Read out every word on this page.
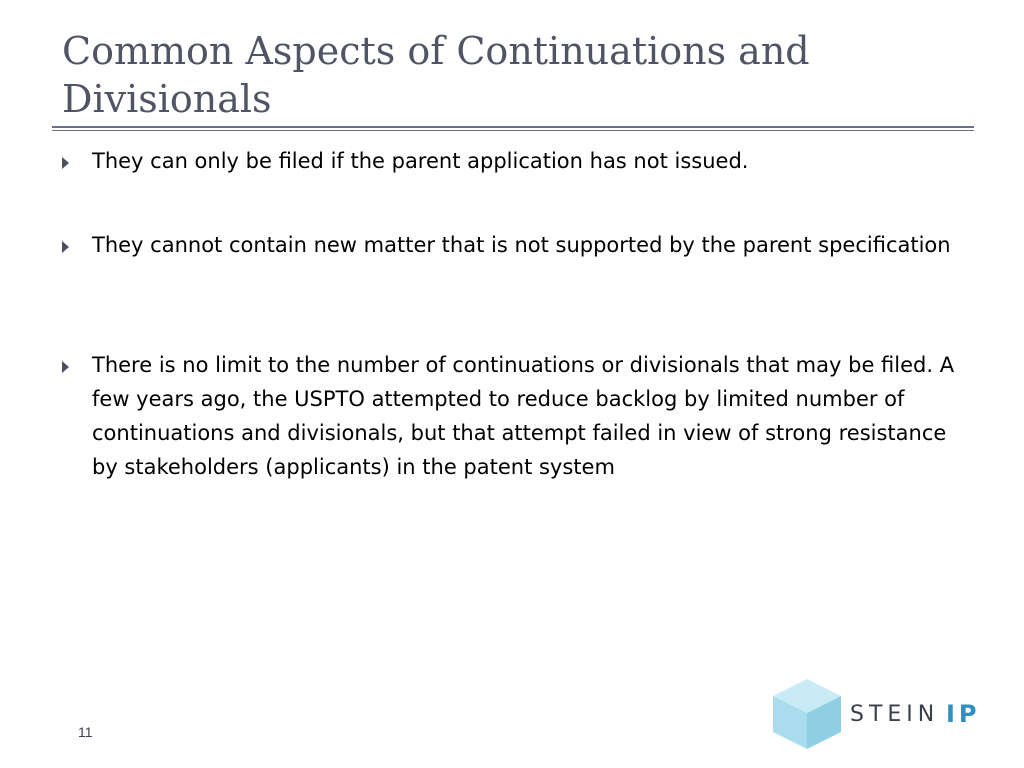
Common Aspects of Continuations and Divisionals
They can only be filed if the parent application has not issued.
They cannot contain new matter that is not supported by the parent specification
There is no limit to the number of continuations or divisionals that may be filed. A few years ago, the USPTO attempted to reduce backlog by limited number of continuations and divisionals, but that attempt failed in view of strong resistance by stakeholders (applicants) in the patent system
11
STEIN IP
